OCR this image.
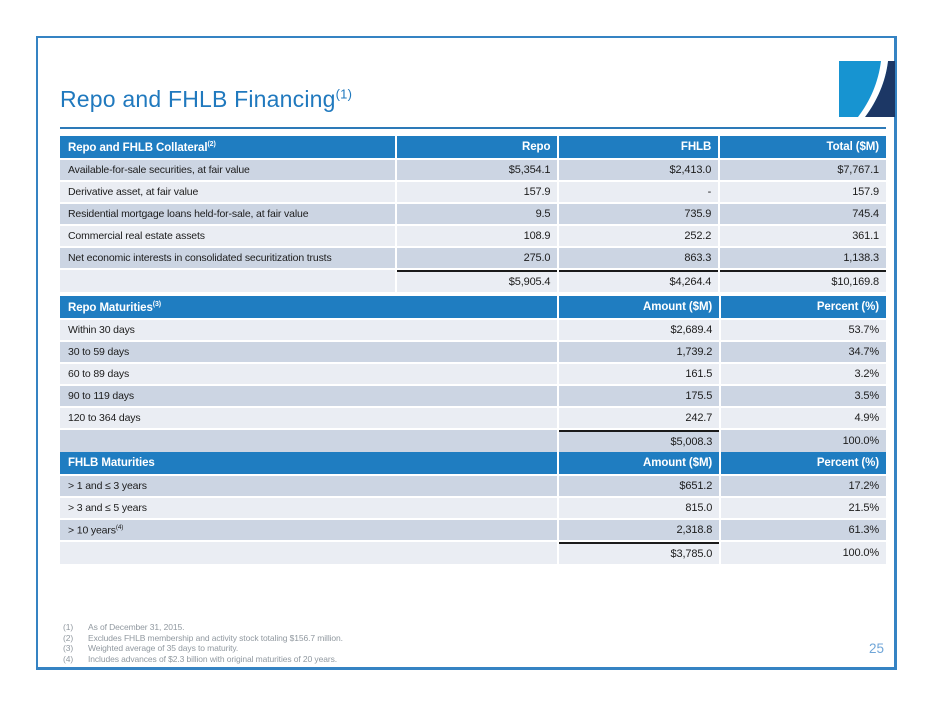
Repo and FHLB Financing$^{(1)}$
Repo and FHLB Collateral$^{(2)}$	Repo	FHLB	Total ($M)
Available-for-sale securities, at fair value	$5,354.1	$2,413.0	$7,767.1
Derivative asset, at fair value	157.9	-	157.9
Residential mortgage loans held-for-sale, at fair value	9.5	735.9	745.4
Commercial real estate assets	108.9	252.2	361.1
Net economic interests in consolidated securitization trusts	275.0	863.3	1,138.3
	$5,905.4	$4,264.4	$10,169.8
Repo Maturities$^{(3)}$	Amount ($M)	Percent (%)
Within 30 days	$2,689.4	53.7%
30 to 59 days	1,739.2	34.7%
60 to 89 days	161.5	3.2%
90 to 119 days	175.5	3.5%
120 to 364 days	242.7	4.9%
	$5,008.3	100.0%
FHLB Maturities	Amount ($M)	Percent (%)
> 1 and ≤ 3 years	$651.2	17.2%
> 3 and ≤ 5 years	815.0	21.5%
> 10 years$^{(4)}$	2,318.8	61.3%
	$3,785.0	100.0%
(1) As of December 31, 2015.
(2) Excludes FHLB membership and activity stock totaling $156.7 million.
(3) Weighted average of 35 days to maturity.
(4) Includes advances of $2.3 billion with original maturities of 20 years.
25
